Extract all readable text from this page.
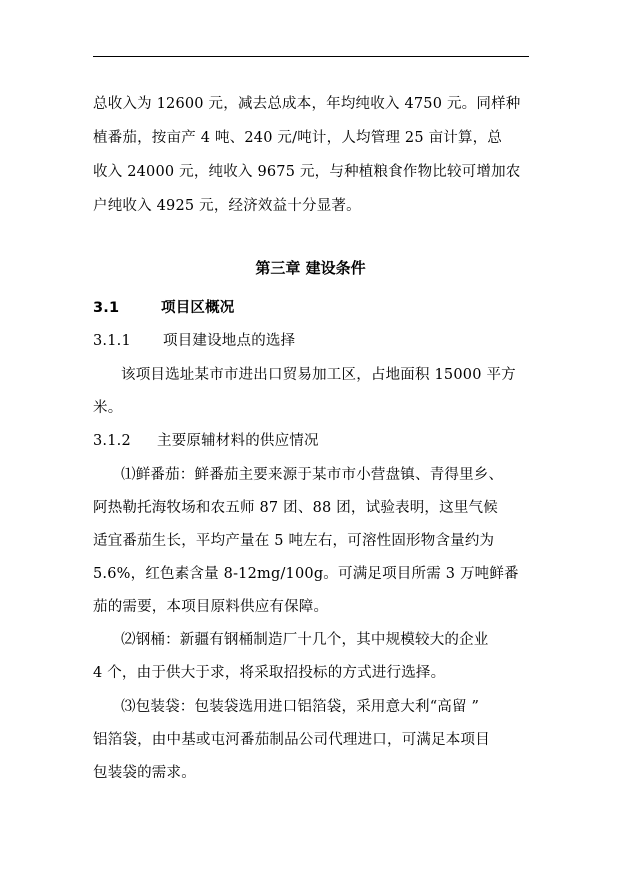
总收入为 12600 元，减去总成本，年均纯收入 4750 元。同样种
植番茄，按亩产 4 吨、240 元/吨计，人均管理 25 亩计算，总
收入 24000 元，纯收入 9675 元，与种植粮食作物比较可增加农
户纯收入 4925 元，经济效益十分显著。
第三章 建设条件
3.1	项目区概况
3.1.1 项目建设地点的选择
该项目选址某市市进出口贸易加工区，占地面积 15000 平方
米。
3.1.2 主要原辅材料的供应情况
⑴鲜番茄：鲜番茄主要来源于某市市小营盘镇、青得里乡、
阿热勒托海牧场和农五师 87 团、88 团，试验表明，这里气候
适宜番茄生长，平均产量在 5 吨左右，可溶性固形物含量约为
5.6%，红色素含量 8-12mg/100g。可满足项目所需 3 万吨鲜番
茄的需要，本项目原料供应有保障。
⑵钢桶：新疆有钢桶制造厂十几个，其中规模较大的企业
4 个，由于供大于求，将采取招投标的方式进行选择。
⑶包装袋：包装袋选用进口铝箔袋，采用意大利“高留 ”
铝箔袋，由中基或屯河番茄制品公司代理进口，可满足本项目
包装袋的需求。
